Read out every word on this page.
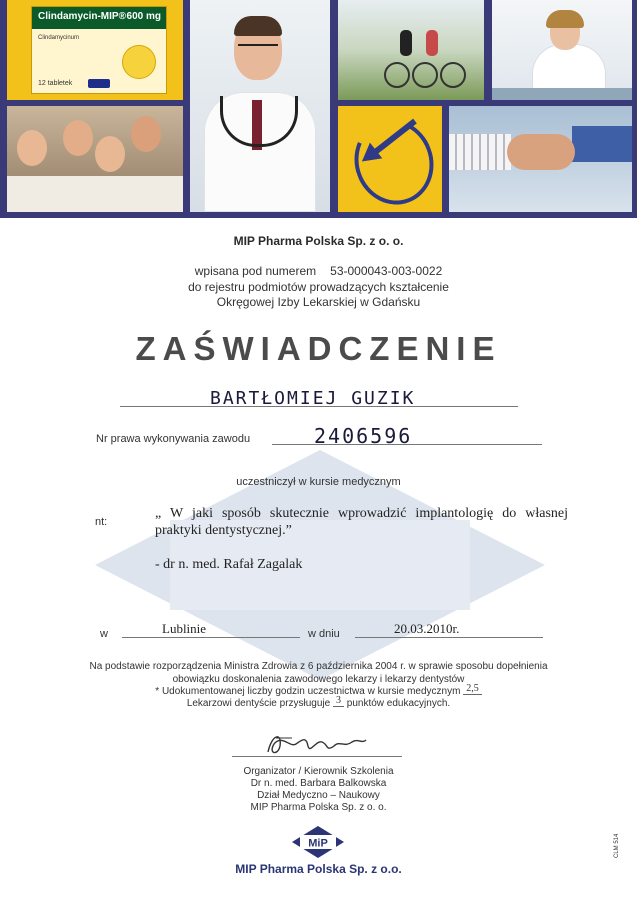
Clindamycin-MIP® 600 mg
Clindamycinum
12 tabletek
MIP Pharma Polska Sp. z o. o.
wpisana pod numerem 53-000043-003-0022
do rejestru podmiotów prowadzących kształcenie
Okręgowej Izby Lekarskiej w Gdańsku
ZAŚWIADCZENIE
BARTŁOMIEJ GUZIK
Nr prawa wykonywania zawodu	2406596
uczestniczył w kursie medycznym
nt:
„ W jaki sposób skutecznie wprowadzić implantologię do własnej praktyki dentystycznej.”
- dr n. med. Rafał Zagalak
w	Lublinie	w dniu	20.03.2010r.
Na podstawie rozporządzenia Ministra Zdrowia z 6 października 2004 r. w sprawie sposobu dopełnienia
obowiązku doskonalenia zawodowego lekarzy i lekarzy dentystów
* Udokumentowanej liczby godzin uczestnictwa w kursie medycznym 2,5
Lekarzowi dentyście przysługuje 3 punktów edukacyjnych.
Organizator / Kierownik Szkolenia
Dr n. med. Barbara Balkowska
Dział Medyczno – Naukowy
MIP Pharma Polska Sp. z o. o.
MiP
MIP Pharma Polska Sp. z o.o.
CLM 514
